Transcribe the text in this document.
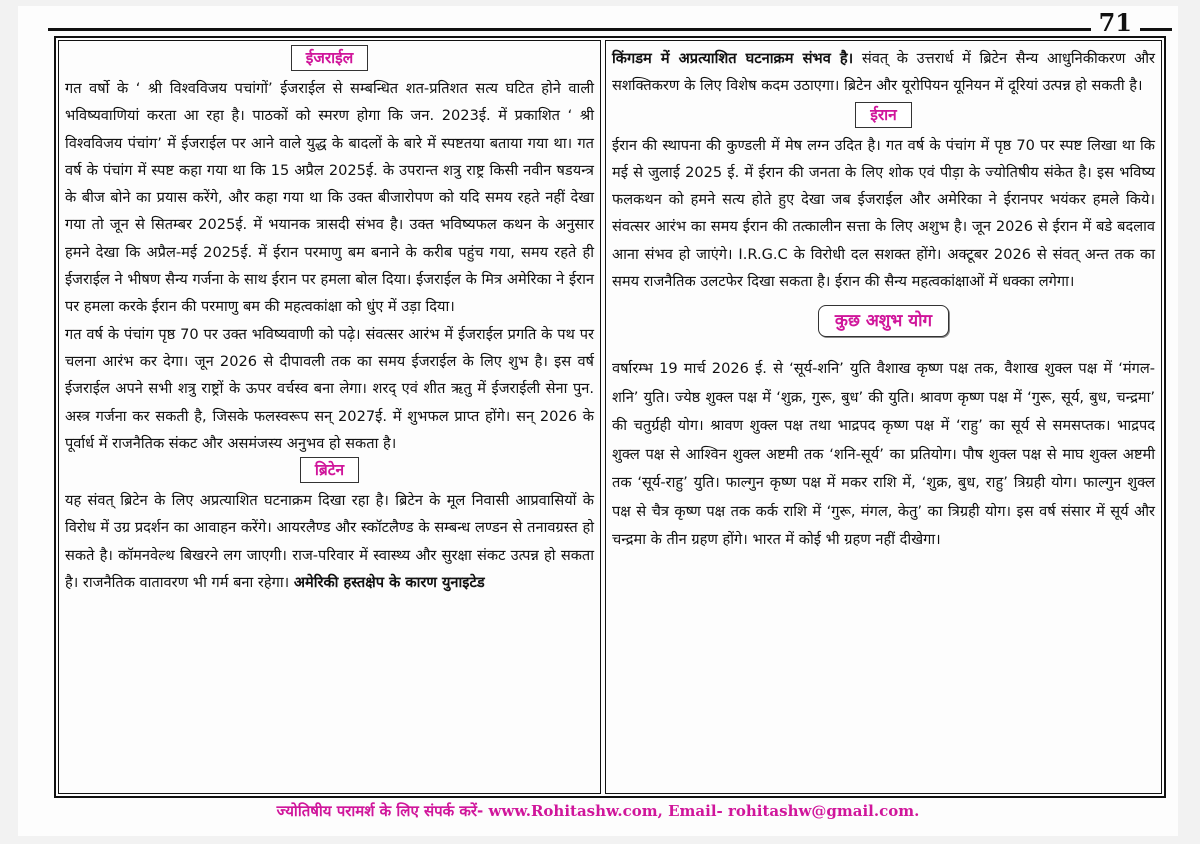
71
ईजराईल

गत वर्षो के ‘ श्री विश्‍वविजय पचांगों’ ईजराईल से सम्बन्धित शत-प्रतिशत सत्य घटित होने वाली भविष्यवाणियां करता आ रहा है। पाठकों को स्मरण होगा कि जन. 2023ई. में प्रकाशित ‘ श्री विश्‍वविजय पंचांग’ में ईजराईल पर आने वाले युद्ध के बादलों के बारे में स्पष्टतया बताया गया था। गत वर्ष के पंचांग में स्पष्ट कहा गया था कि 15 अप्रैल 2025ई. के उपरान्त शत्रु राष्ट्र किसी नवीन षडयन्त्र के बीज बोने का प्रयास करेंगे, और कहा गया था कि उक्त बीजारोपण को यदि समय रहते नहीं देखा गया तो जून से सितम्बर 2025ई. में भयानक त्रासदी संभव है। उक्त भविष्यफल कथन के अनुसार हमने देखा कि अप्रैल-मई 2025ई. में ईरान परमाणु बम बनाने के करीब पहुंच गया, समय रहते ही ईजराईल ने भीषण सैन्य गर्जना के साथ ईरान पर हमला बोल दिया। ईजराईल के मित्र अमेरिका ने ईरान पर हमला करके ईरान की परमाणु बम की महत्वकांक्षा को धुंए में उड़ा दिया।

गत वर्ष के पंचांग पृष्ठ 70 पर उक्त भविष्यवाणी को पढ़े। संवत्सर आरंभ में ईजराईल प्रगति के पथ पर चलना आरंभ कर देगा। जून 2026 से दीपावली तक का समय ईजराईल के लिए शुभ है। इस वर्ष ईजराईल अपने सभी शत्रु राष्ट्रों के ऊपर वर्चस्व बना लेगा। शरद् एवं शीत ऋतु में ईजराईली सेना पुन. अस्त्र गर्जना कर सकती है, जिसके फलस्वरूप सन् 2027ई. में शुभफल प्राप्त होंगे। सन् 2026 के पूर्वार्ध में राजनैतिक संकट और असमंजस्य अनुभव हो सकता है।

ब्रिटेन

यह संवत् ब्रिटेन के लिए अप्रत्याशित घटनाक्रम दिखा रहा है। ब्रिटेन के मूल निवासी आप्रवासियों के विरोध में उग्र प्रदर्शन का आवाहन करेंगे। आयरलैण्ड और स्कॉटलैण्ड के सम्बन्ध लण्डन से तनावग्रस्त हो सकते है। कॉमनवेल्थ बिखरने लग जाएगी। राज-परिवार में स्वास्थ्य और सुरक्षा संकट उत्पन्न हो सकता है। राजनैतिक वातावरण भी गर्म बना रहेगा। अमेरिकी हस्तक्षेप के कारण युनाइटेड

किंगडम में अप्रत्याशित घटनाक्रम संभव है। संवत् के उत्तरार्ध में ब्रिटेन सैन्य आधुनिकीकरण और सशक्तिकरण के लिए विशेष कदम उठाएगा। ब्रिटेन और यूरोपियन यूनियन में दूरियां उत्पन्न हो सकती है।

ईरान

ईरान की स्थापना की कुण्डली में मेष लग्न उदित है। गत वर्ष के पंचांग में पृष्ठ 70 पर स्पष्ट लिखा था कि मई से जुलाई 2025 ई. में ईरान की जनता के लिए शोक एवं पीड़ा के ज्योतिषीय संकेत है। इस भविष्य फलकथन को हमने सत्य होते हुए देखा जब ईजराईल और अमेरिका ने ईरानपर भयंकर हमले किये। संवत्सर आरंभ का समय ईरान की तत्कालीन सत्ता के लिए अशुभ है। जून 2026 से ईरान में बडे बदलाव आना संभव हो जाएंगे। I.R.G.C के विरोधी दल सशक्त होंगे। अक्टूबर 2026 से संवत् अन्त तक का समय राजनैतिक उलटफेर दिखा सकता है। ईरान की सैन्य महत्वकांक्षाओं में धक्का लगेगा।

कुछ अशुभ योग

वर्षारम्भ 19 मार्च 2026 ई. से ‘सूर्य-शनि’ युति वैशाख कृष्ण पक्ष तक, वैशाख शुक्ल पक्ष में ‘मंगल-शनि’ युति। ज्येष्ठ शुक्ल पक्ष में ‘शुक्र, गुरू, बुध’ की युति। श्रावण कृष्ण पक्ष में ‘गुरू, सूर्य, बुध, चन्द्रमा’ की चतुर्ग्रही योग। श्रावण शुक्ल पक्ष तथा भाद्रपद कृष्ण पक्ष में ‘राहु’ का सूर्य से समसप्तक। भाद्रपद शुक्ल पक्ष से आश्‍विन शुक्ल अष्टमी तक ‘शनि-सूर्य’ का प्रतियोग। पौष शुक्ल पक्ष से माघ शुक्ल अष्टमी तक ‘सूर्य-राहु’ युति। फाल्गुन कृष्ण पक्ष में मकर राशि में, ‘शुक्र, बुध, राहु’ त्रिग्रही योग। फाल्गुन शुक्ल पक्ष से चैत्र कृष्ण पक्ष तक कर्क राशि में ‘गुरू, मंगल, केतु’ का त्रिग्रही योग। इस वर्ष संसार में सूर्य और चन्द्रमा के तीन ग्रहण होंगे। भारत में कोई भी ग्रहण नहीं दीखेगा।

ज्योतिषीय परामर्श के लिए संपर्क करें- www.Rohitashw.com, Email- rohitashw@gmail.com.
